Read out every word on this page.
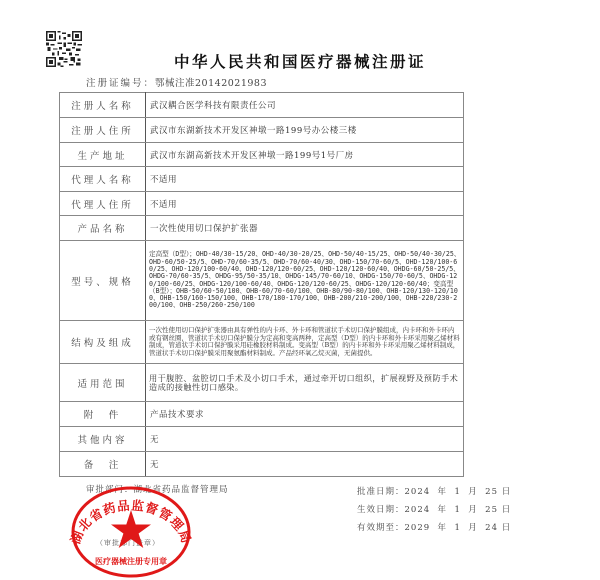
中华人民共和国医疗器械注册证
注册证编号：鄂械注准20142021983
注册人名称	武汉耦合医学科技有限责任公司
注册人住所	武汉市东湖新技术开发区神墩一路199号办公楼三楼
生产地址	武汉市东湖高新技术开发区神墩一路199号1号厂房
代理人名称	不适用
代理人住所	不适用
产品名称	一次性使用切口保护扩张器
型号、规格	定高型（D型）；OHD-40/30-15/20、OHD-40/30-20/25、OHD-50/40-15/25、OHD-50/40-30/25、OHD-60/50-25/5、OHD-70/60-35/5、OHD-70/60-40/30、OHD-150/70-60/5、OHD-120/100-60/25、OHD-120/100-60/40、OHD-120/120-60/25、OHD-120/120-60/40、OHDG-60/50-25/5、OHDG-70/60-35/5、OHDG-95/50-35/10、OHDG-145/70-60/10、OHDG-150/70-60/5、OHDG-120/100-60/25、OHDG-120/100-60/40、OHDG-120/120-60/25、OHDG-120/120-60/40；变高型（B型）；OHB-50/60-50/100、OHB-60/70-60/100、OHB-80/90-80/100、OHB-120/130-120/100、OHB-150/160-150/100、OHB-170/180-170/100、OHB-200/210-200/100、OHB-220/230-200/100、OHB-250/260-250/100
结构及组成	一次性使用切口保护扩张器由具有弹性的内卡环、外卡环和管道状手术切口保护膜组成，内卡环和外卡环内或有钢丝圈，管道状手术切口保护膜分为定高和变高两种，定高型（D型）的内卡环和外卡环采用聚乙烯材料制成，管道状手术切口保护膜采用硅橡胶材料制成。变高型（B型）的内卡环和外卡环采用聚乙烯材料制成，管道状手术切口保护膜采用聚氨酯材料制成。产品经环氧乙烷灭菌，无菌提供。
适用范围	用于腹腔、盆腔切口手术及小切口手术，通过牵开切口组织，扩展视野及预防手术造成的接触性切口感染。
附　件	产品技术要求
其他内容	无
备　注	无
审批部门：湖北省药品监督管理局	批准日期：2024  年  1  月  25 日
生效日期：2024  年  1  月  25 日
有效期至：2029  年  1  月  24 日
（审批部门盖章）
湖北省药品监督管理局
医疗器械注册专用章
